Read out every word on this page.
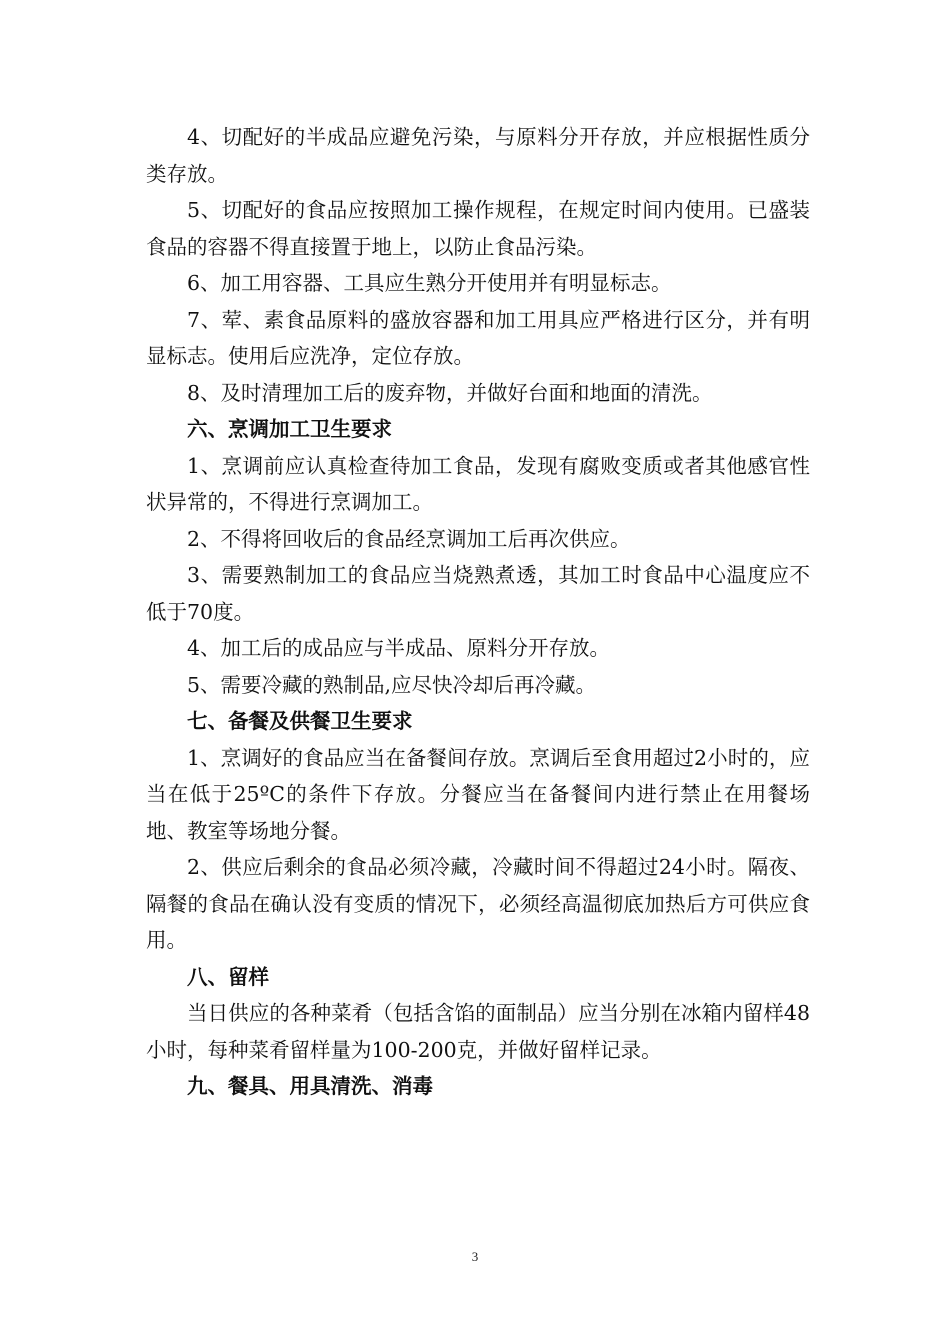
4、切配好的半成品应避免污染，与原料分开存放，并应根据性质分类存放。

5、切配好的食品应按照加工操作规程，在规定时间内使用。已盛装食品的容器不得直接置于地上，以防止食品污染。

6、加工用容器、工具应生熟分开使用并有明显标志。

7、荤、素食品原料的盛放容器和加工用具应严格进行区分，并有明显标志。使用后应洗净，定位存放。

8、及时清理加工后的废弃物，并做好台面和地面的清洗。

六、烹调加工卫生要求

1、烹调前应认真检查待加工食品，发现有腐败变质或者其他感官性状异常的，不得进行烹调加工。

2、不得将回收后的食品经烹调加工后再次供应。

3、需要熟制加工的食品应当烧熟煮透，其加工时食品中心温度应不低于70度。

4、加工后的成品应与半成品、原料分开存放。

5、需要冷藏的熟制品,应尽快冷却后再冷藏。

七、备餐及供餐卫生要求

1、烹调好的食品应当在备餐间存放。烹调后至食用超过2小时的，应当在低于25ºC的条件下存放。分餐应当在备餐间内进行禁止在用餐场地、教室等场地分餐。

2、供应后剩余的食品必须冷藏，冷藏时间不得超过24小时。隔夜、隔餐的食品在确认没有变质的情况下，必须经高温彻底加热后方可供应食用。

八、留样

当日供应的各种菜肴（包括含馅的面制品）应当分别在冰箱内留样48小时，每种菜肴留样量为100-200克，并做好留样记录。

九、餐具、用具清洗、消毒

3
